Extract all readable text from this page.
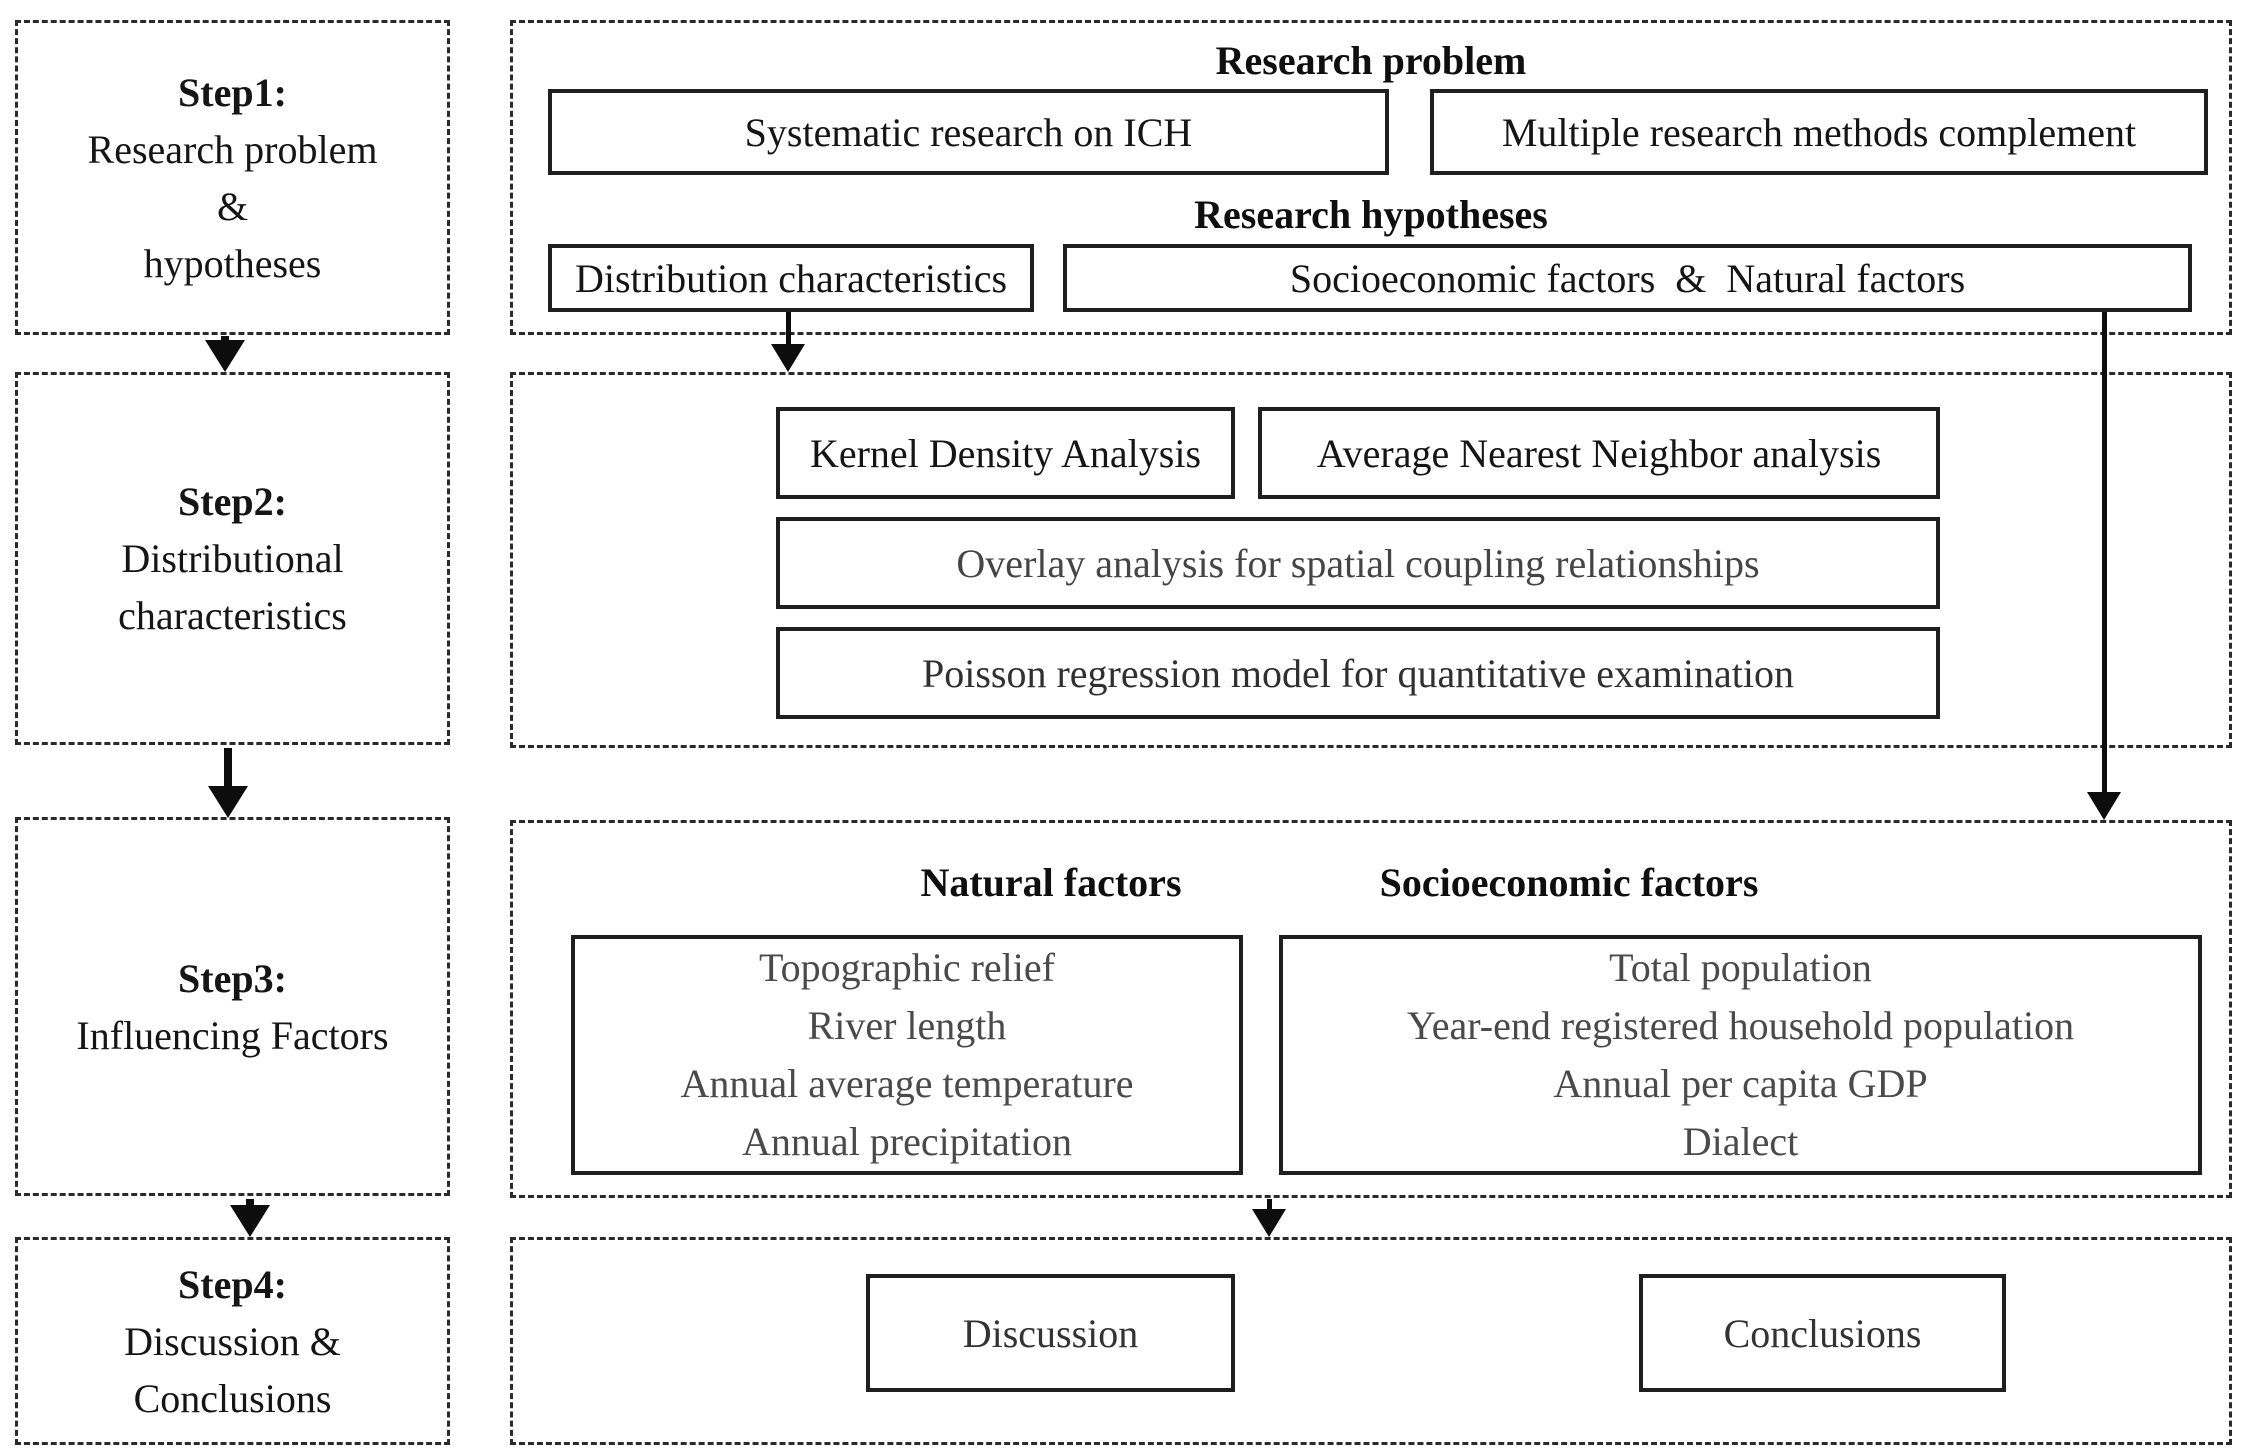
Step1:
Research problem
&
hypotheses
Step2:
Distributional
characteristics
Step3:
Influencing Factors
Step4:
Discussion &
Conclusions
Research problem
Systematic research on ICH	Multiple research methods complement
Research hypotheses
Distribution characteristics	Socioeconomic factors  &  Natural factors
Kernel Density Analysis	Average Nearest Neighbor analysis
Overlay analysis for spatial coupling relationships
Poisson regression model for quantitative examination
Natural factors	Socioeconomic factors
Topographic relief
River length
Annual average temperature
Annual precipitation
Total population
Year-end registered household population
Annual per capita GDP
Dialect
Discussion	Conclusions
